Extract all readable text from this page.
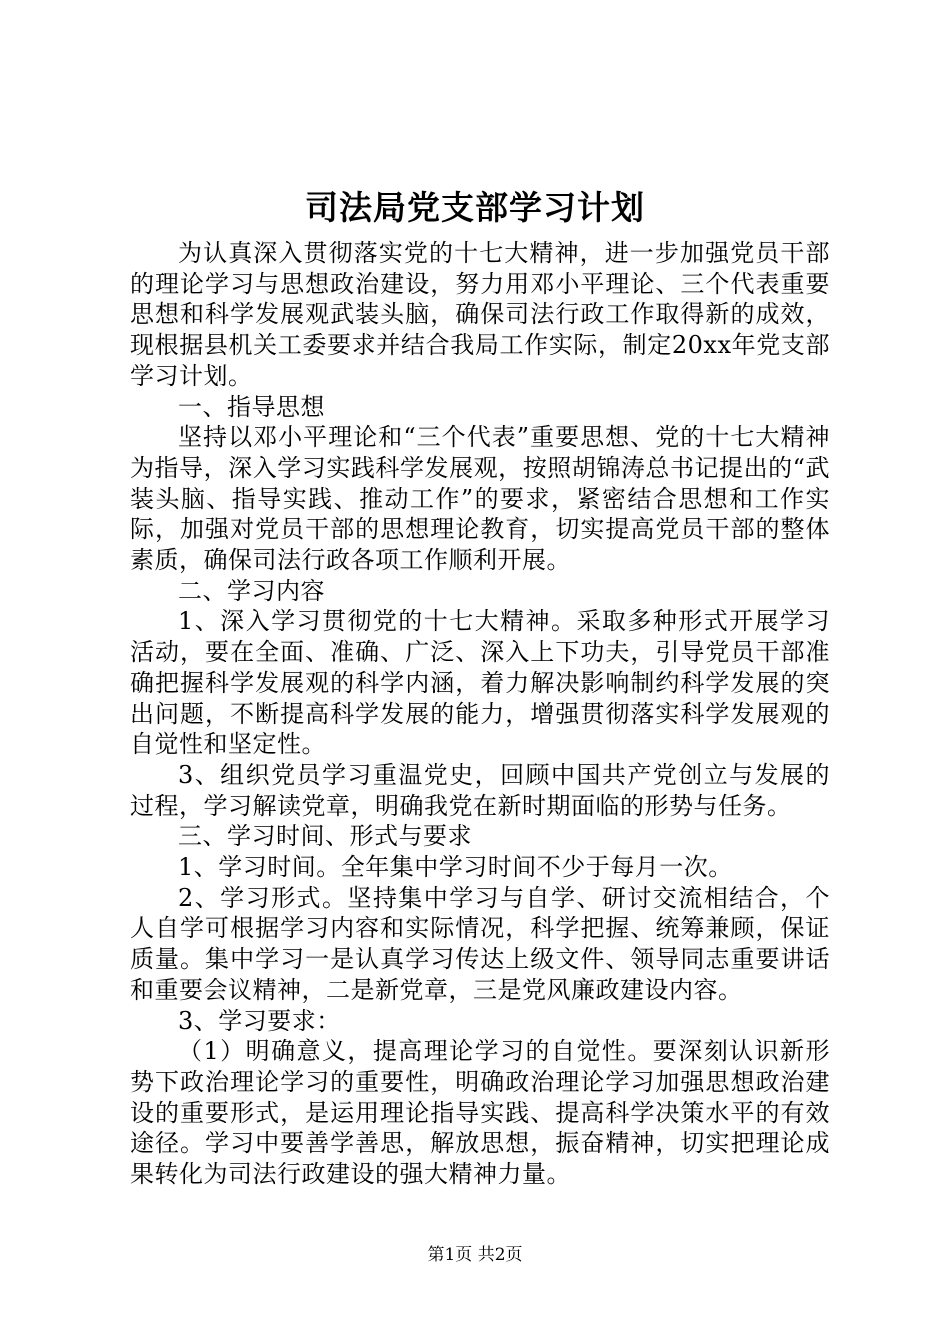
司法局党支部学习计划

为认真深入贯彻落实党的十七大精神，进一步加强党员干部的理论学习与思想政治建设，努力用邓小平理论、三个代表重要思想和科学发展观武装头脑，确保司法行政工作取得新的成效，现根据县机关工委要求并结合我局工作实际，制定20xx年党支部学习计划。

一、指导思想

坚持以邓小平理论和“三个代表”重要思想、党的十七大精神为指导，深入学习实践科学发展观，按照胡锦涛总书记提出的“武装头脑、指导实践、推动工作”的要求，紧密结合思想和工作实际，加强对党员干部的思想理论教育，切实提高党员干部的整体素质，确保司法行政各项工作顺利开展。

二、学习内容

1、深入学习贯彻党的十七大精神。采取多种形式开展学习活动，要在全面、准确、广泛、深入上下功夫，引导党员干部准确把握科学发展观的科学内涵，着力解决影响制约科学发展的突出问题，不断提高科学发展的能力，增强贯彻落实科学发展观的自觉性和坚定性。

3、组织党员学习重温党史，回顾中国共产党创立与发展的过程，学习解读党章，明确我党在新时期面临的形势与任务。

三、学习时间、形式与要求

1、学习时间。全年集中学习时间不少于每月一次。

2、学习形式。坚持集中学习与自学、研讨交流相结合，个人自学可根据学习内容和实际情况，科学把握、统筹兼顾，保证质量。集中学习一是认真学习传达上级文件、领导同志重要讲话和重要会议精神，二是新党章，三是党风廉政建设内容。

3、学习要求：

（1）明确意义，提高理论学习的自觉性。要深刻认识新形势下政治理论学习的重要性，明确政治理论学习加强思想政治建设的重要形式，是运用理论指导实践、提高科学决策水平的有效途径。学习中要善学善思，解放思想，振奋精神，切实把理论成果转化为司法行政建设的强大精神力量。

第1页 共2页
